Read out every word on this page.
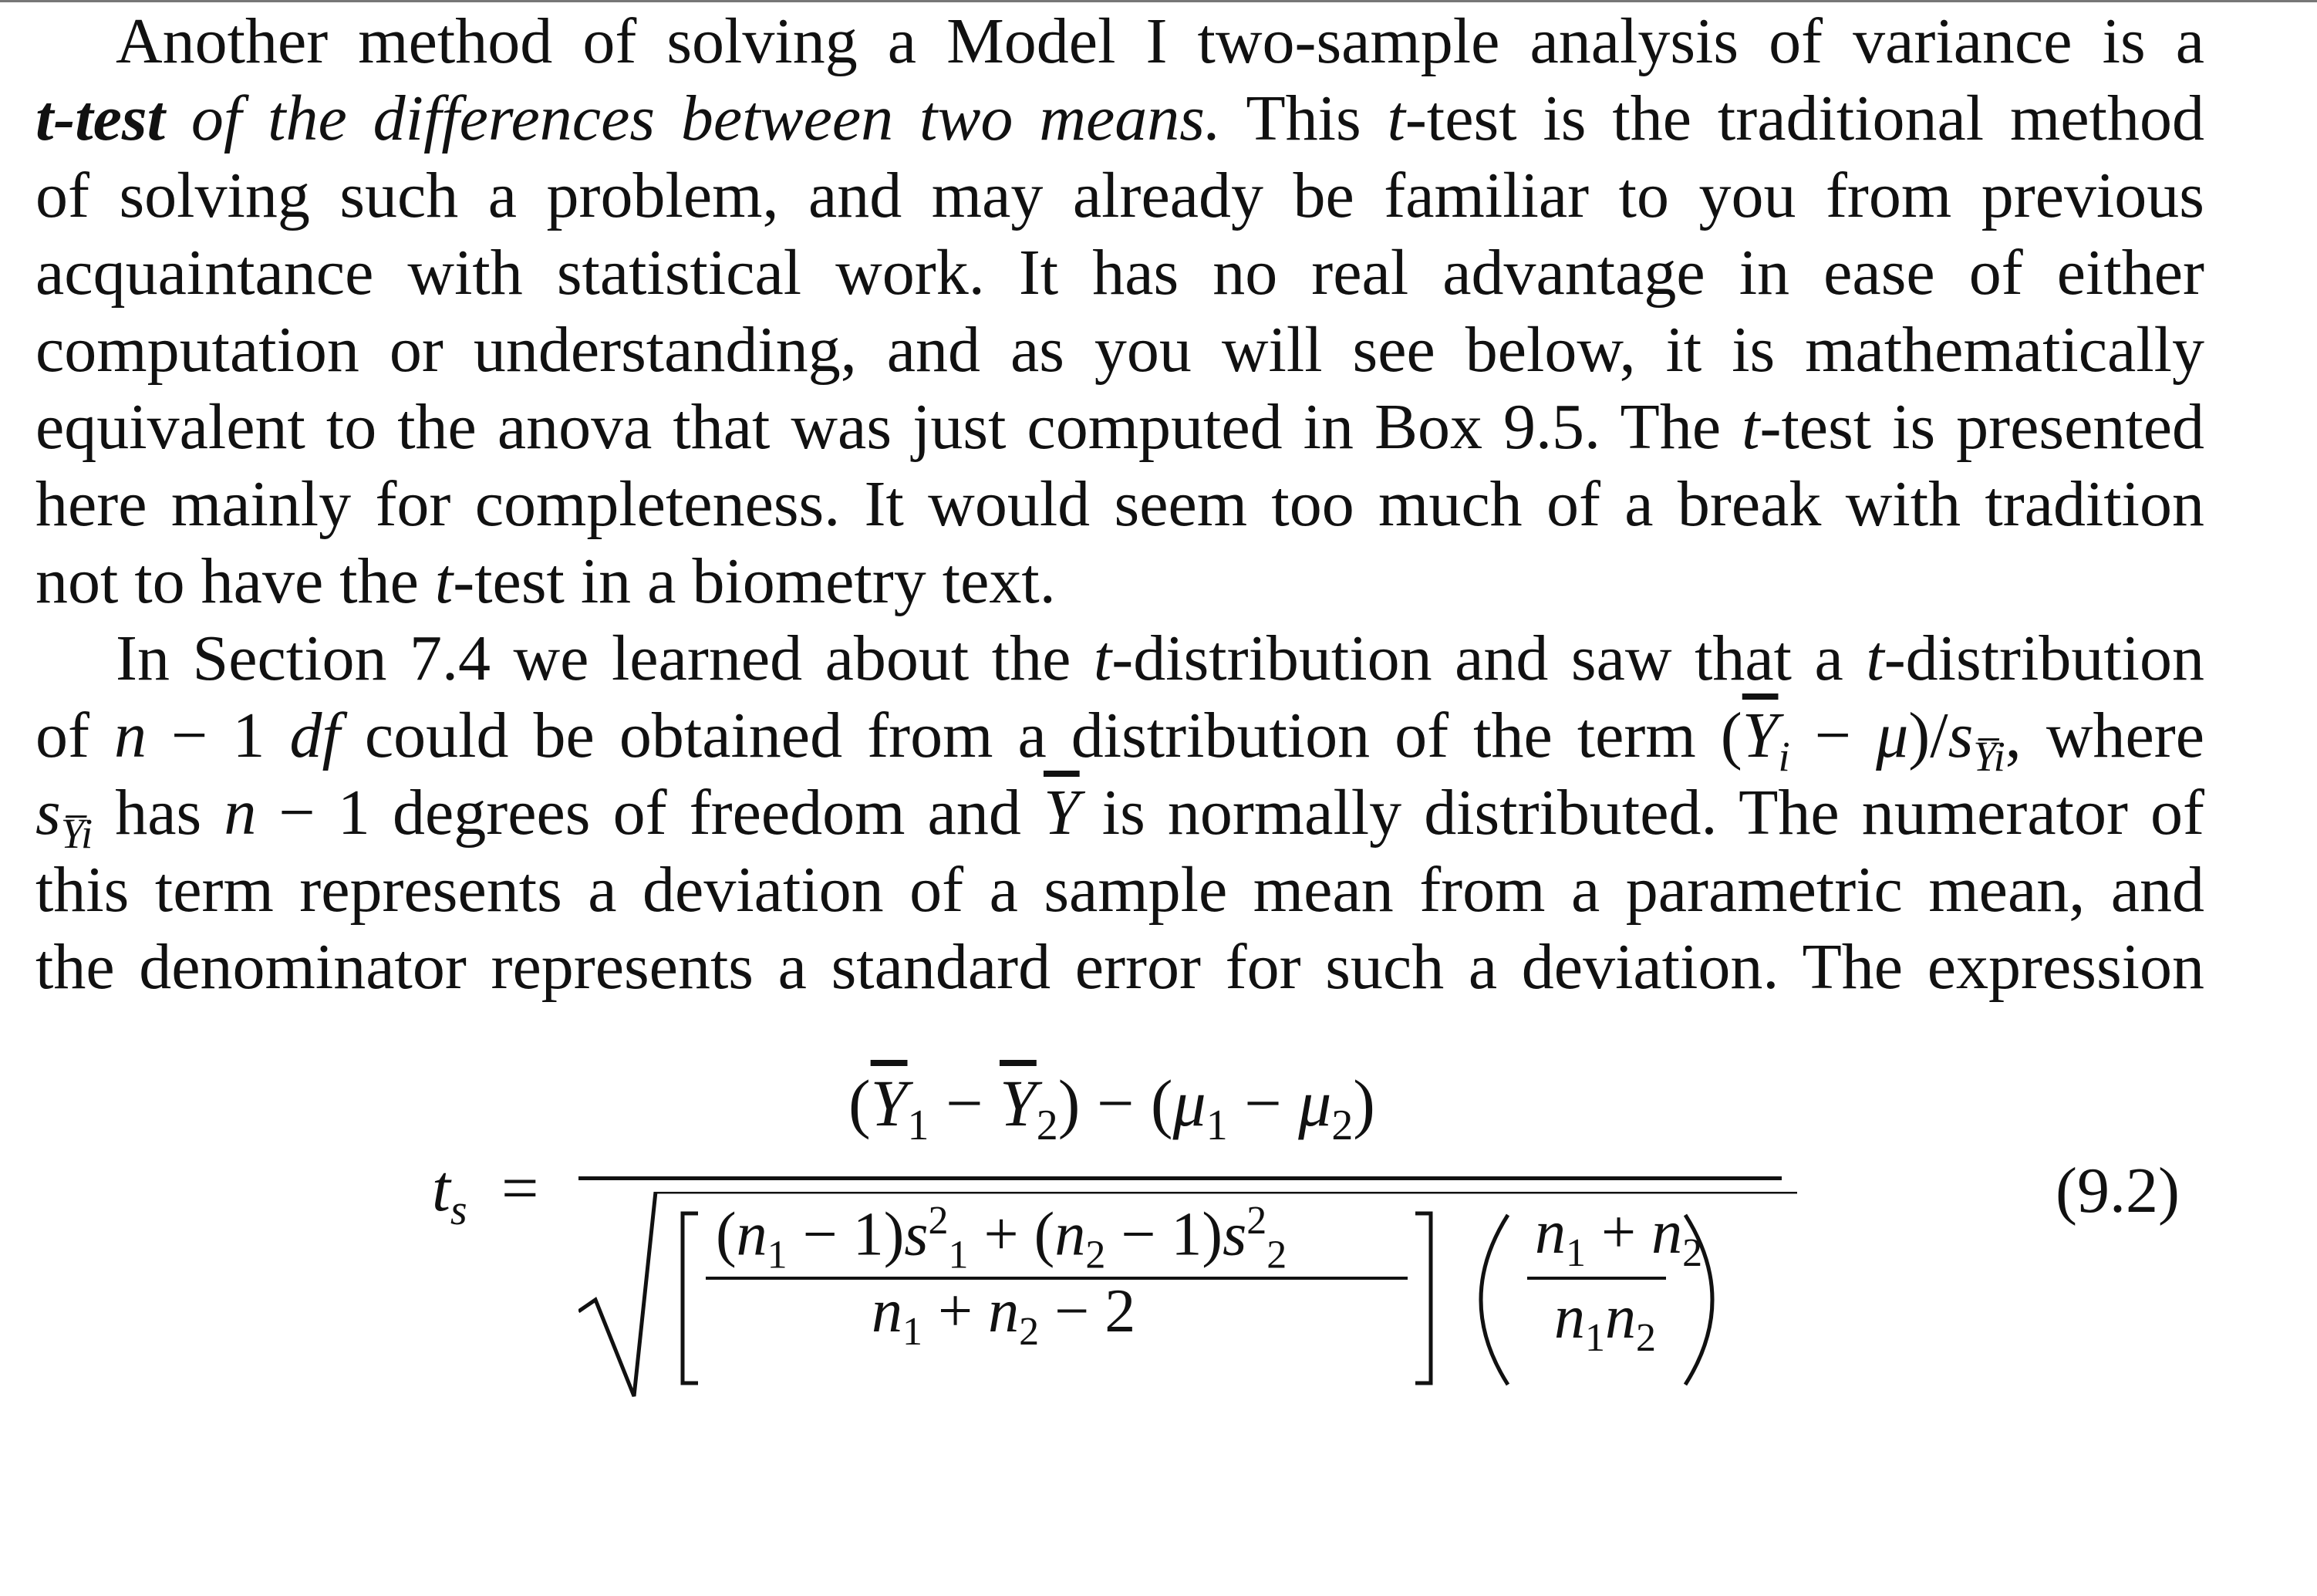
Another method of solving a Model I two-sample analysis of variance is a
t-test of the differences between two means. This t-test is the traditional method
of solving such a problem, and may already be familiar to you from previous
acquaintance with statistical work. It has no real advantage in ease of either
computation or understanding, and as you will see below, it is mathematically
equivalent to the anova that was just computed in Box 9.5. The t-test is presented
here mainly for completeness. It would seem too much of a break with tradition
not to have the t-test in a biometry text.
In Section 7.4 we learned about the t-distribution and saw that a t-distribution
of n − 1 df could be obtained from a distribution of the term $(\overline{Y}_i - \mu)/s_{Y̅i}$, where
$s_{Y̅i}$ has n − 1 degrees of freedom and $\overline{Y}$ is normally distributed. The numerator of
this term represents a deviation of a sample mean from a parametric mean, and
the denominator represents a standard error for such a deviation. The expression
$t_s$ =
$(\overline{Y}_1 - \overline{Y}_2) - (\mu_1 - \mu_2)$
$(n_1 - 1)s^2_1 + (n_2 - 1)s^2_2$
$n_1 + n_2 - 2$
$n_1 + n_2$
$n_1n_2$
(9.2)
